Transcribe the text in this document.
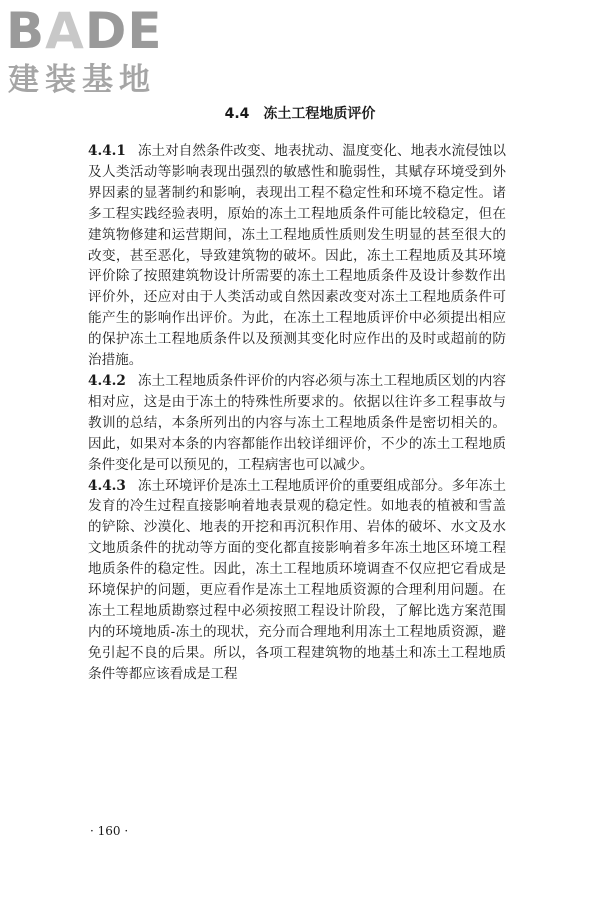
BADE
建装基地
4.4 冻土工程地质评价

4.4.1 冻土对自然条件改变、地表扰动、温度变化、地表水流侵蚀以及人类活动等影响表现出强烈的敏感性和脆弱性，其赋存环境受到外界因素的显著制约和影响，表现出工程不稳定性和环境不稳定性。诸多工程实践经验表明，原始的冻土工程地质条件可能比较稳定，但在建筑物修建和运营期间，冻土工程地质性质则发生明显的甚至很大的改变，甚至恶化，导致建筑物的破坏。因此，冻土工程地质及其环境评价除了按照建筑物设计所需要的冻土工程地质条件及设计参数作出评价外，还应对由于人类活动或自然因素改变对冻土工程地质条件可能产生的影响作出评价。为此，在冻土工程地质评价中必须提出相应的保护冻土工程地质条件以及预测其变化时应作出的及时或超前的防治措施。

4.4.2 冻土工程地质条件评价的内容必须与冻土工程地质区划的内容相对应，这是由于冻土的特殊性所要求的。依据以往许多工程事故与教训的总结，本条所列出的内容与冻土工程地质条件是密切相关的。因此，如果对本条的内容都能作出较详细评价，不少的冻土工程地质条件变化是可以预见的，工程病害也可以减少。

4.4.3 冻土环境评价是冻土工程地质评价的重要组成部分。多年冻土发育的冷生过程直接影响着地表景观的稳定性。如地表的植被和雪盖的铲除、沙漠化、地表的开挖和再沉积作用、岩体的破坏、水文及水文地质条件的扰动等方面的变化都直接影响着多年冻土地区环境工程地质条件的稳定性。因此，冻土工程地质环境调查不仅应把它看成是环境保护的问题，更应看作是冻土工程地质资源的合理利用问题。在冻土工程地质勘察过程中必须按照工程设计阶段，了解比选方案范围内的环境地质-冻土的现状，充分而合理地利用冻土工程地质资源，避免引起不良的后果。所以，各项工程建筑物的地基土和冻土工程地质条件等都应该看成是工程

· 160 ·
